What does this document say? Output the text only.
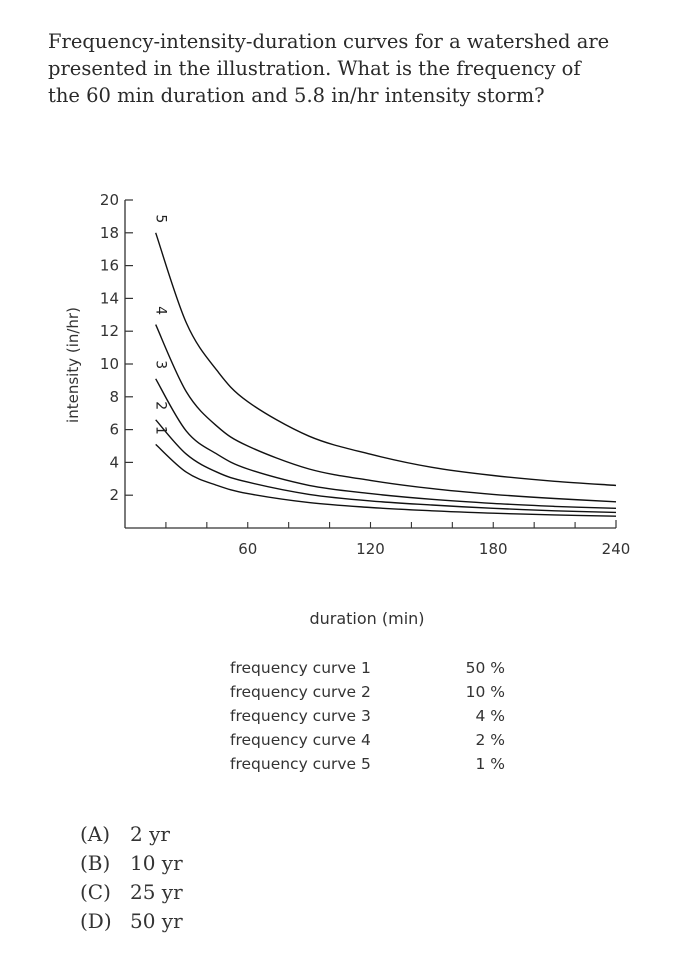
Frequency-intensity-duration curves for a watershed are
presented in the illustration. What is the frequency of
the 60 min duration and 5.8 in/hr intensity storm?
2
4
6
8
10
12
14
16
18
20
60	120	180	240
1
2
3
4
5
intensity (in/hr)
duration (min)
frequency curve 1	50 %
frequency curve 2	10 %
frequency curve 3	4 %
frequency curve 4	2 %
frequency curve 5	1 %
(A) 2 yr
(B) 10 yr
(C) 25 yr
(D) 50 yr
